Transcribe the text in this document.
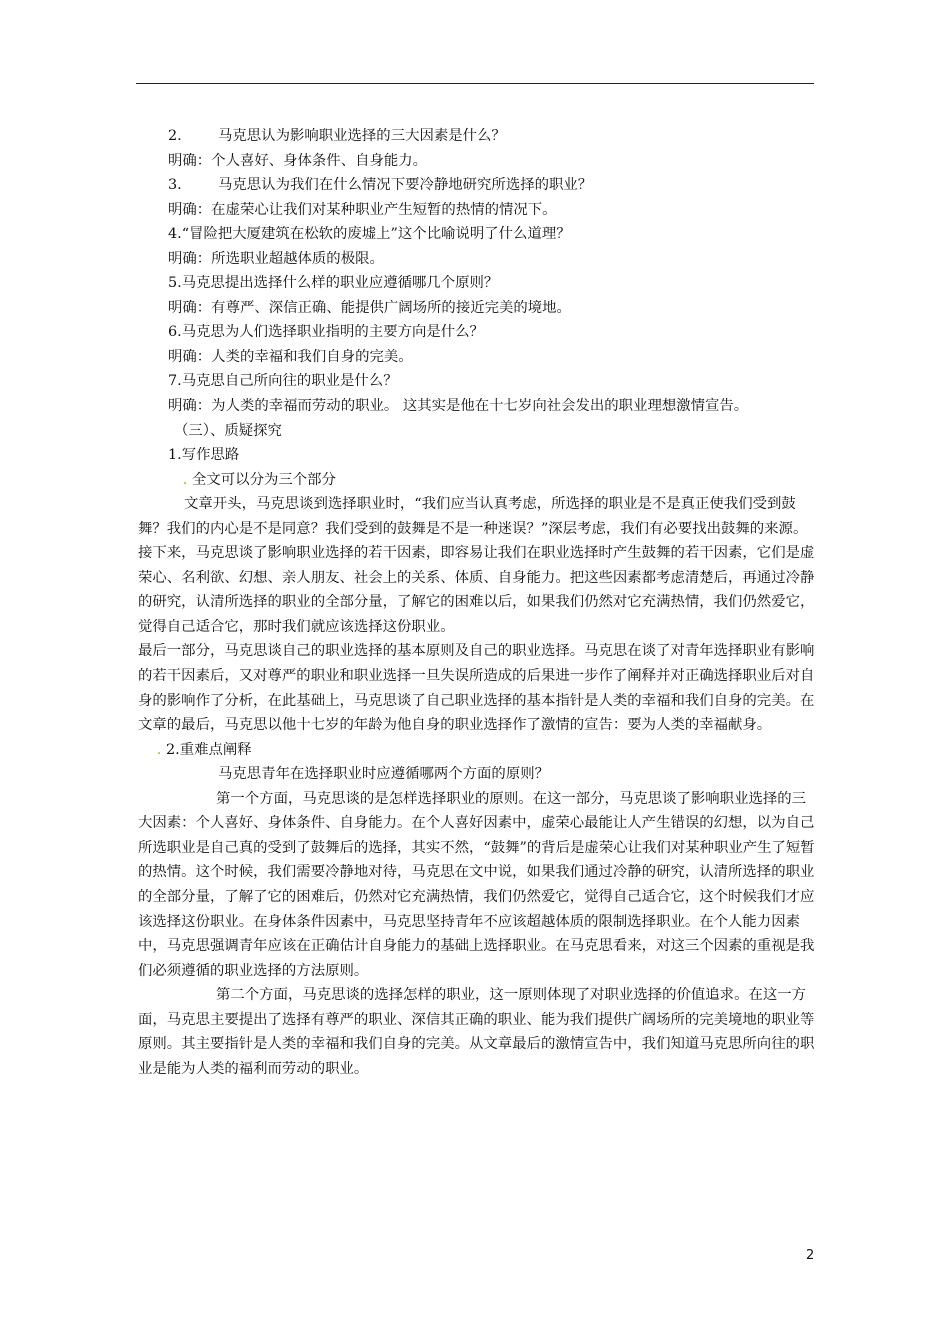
2.	马克思认为影响职业选择的三大因素是什么？
明确：个人喜好、身体条件、自身能力。
3.	马克思认为我们在什么情况下要冷静地研究所选择的职业？
明确：在虚荣心让我们对某种职业产生短暂的热情的情况下。
4.“冒险把大厦建筑在松软的废墟上”这个比喻说明了什么道理？
明确：所选职业超越体质的极限。
5.马克思提出选择什么样的职业应遵循哪几个原则？
明确：有尊严、深信正确、能提供广阔场所的接近完美的境地。
6.马克思为人们选择职业指明的主要方向是什么？
明确：人类的幸福和我们自身的完美。
7.马克思自己所向往的职业是什么？
明确：为人类的幸福而劳动的职业。 这其实是他在十七岁向社会发出的职业理想激情宣告。
（三）、质疑探究
1.写作思路
. 全文可以分为三个部分
文章开头，马克思谈到选择职业时，“我们应当认真考虑，所选择的职业是不是真正使我们受到鼓舞？我们的内心是不是同意？我们受到的鼓舞是不是一种迷误？”深层考虑，我们有必要找出鼓舞的来源。
接下来，马克思谈了影响职业选择的若干因素，即容易让我们在职业选择时产生鼓舞的若干因素，它们是虚荣心、名利欲、幻想、亲人朋友、社会上的关系、体质、自身能力。把这些因素都考虑清楚后，再通过冷静的研究，认清所选择的职业的全部分量，了解它的困难以后，如果我们仍然对它充满热情，我们仍然爱它，觉得自己适合它，那时我们就应该选择这份职业。
最后一部分，马克思谈自己的职业选择的基本原则及自己的职业选择。马克思在谈了对青年选择职业有影响的若干因素后，又对尊严的职业和职业选择一旦失误所造成的后果进一步作了阐释并对正确选择职业后对自身的影响作了分析，在此基础上，马克思谈了自己职业选择的基本指针是人类的幸福和我们自身的完美。在文章的最后，马克思以他十七岁的年龄为他自身的职业选择作了激情的宣告：要为人类的幸福献身。
. 2.重难点阐释
马克思青年在选择职业时应遵循哪两个方面的原则？
第一个方面，马克思谈的是怎样选择职业的原则。在这一部分，马克思谈了影响职业选择的三大因素：个人喜好、身体条件、自身能力。在个人喜好因素中，虚荣心最能让人产生错误的幻想，以为自己所选职业是自己真的受到了鼓舞后的选择，其实不然，“鼓舞”的背后是虚荣心让我们对某种职业产生了短暂的热情。这个时候，我们需要冷静地对待，马克思在文中说，如果我们通过冷静的研究，认清所选择的职业的全部分量，了解了它的困难后，仍然对它充满热情，我们仍然爱它，觉得自己适合它，这个时候我们才应该选择这份职业。在身体条件因素中，马克思坚持青年不应该超越体质的限制选择职业。在个人能力因素中，马克思强调青年应该在正确估计自身能力的基础上选择职业。在马克思看来，对这三个因素的重视是我们必须遵循的职业选择的方法原则。
第二个方面，马克思谈的选择怎样的职业，这一原则体现了对职业选择的价值追求。在这一方面，马克思主要提出了选择有尊严的职业、深信其正确的职业、能为我们提供广阔场所的完美境地的职业等原则。其主要指针是人类的幸福和我们自身的完美。从文章最后的激情宣告中，我们知道马克思所向往的职业是能为人类的福利而劳动的职业。
2
